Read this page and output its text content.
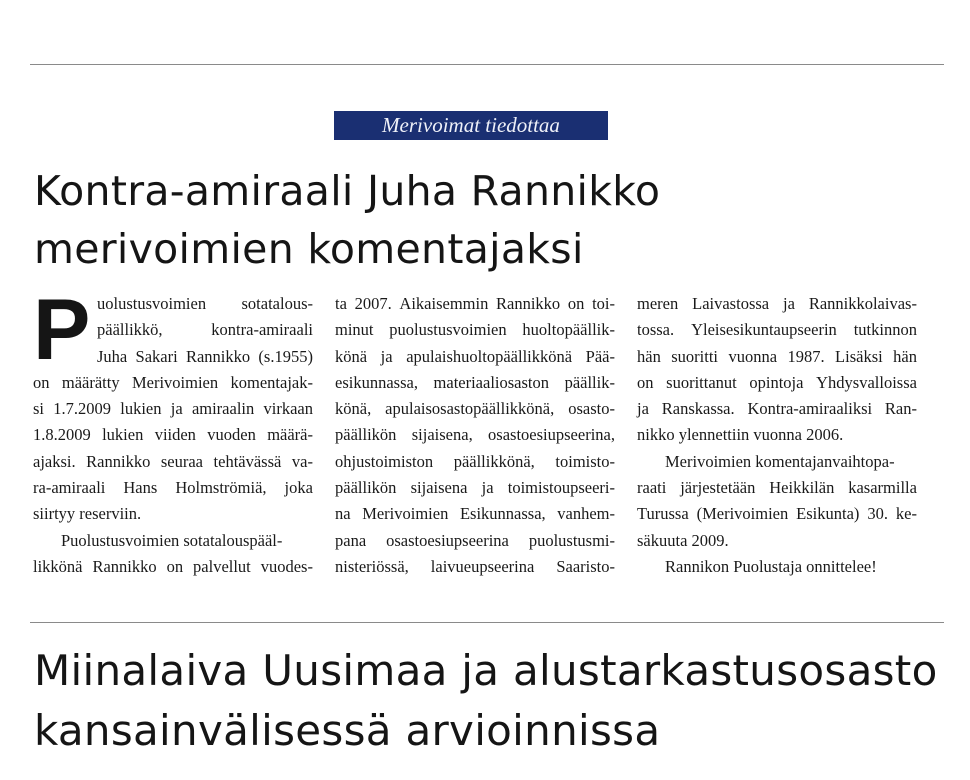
Merivoimat tiedottaa
Kontra-amiraali Juha Rannikko
merivoimien komentajaksi
P uolustusvoimien sotatalous-
päällikkö,	kontra-amiraali
Juha Sakari Rannikko (s.1955)
on määrätty Merivoimien komentajak-
si 1.7.2009 lukien ja amiraalin virkaan
1.8.2009 lukien viiden vuoden määrä-
ajaksi. Rannikko seuraa tehtävässä va-
ra-amiraali Hans Holmströmiä, joka
siirtyy reserviin.
Puolustusvoimien sotatalouspääl-
likkönä Rannikko on palvellut vuodes-
ta 2007. Aikaisemmin Rannikko on toi-
minut puolustusvoimien huoltopäällik-
könä ja apulaishuoltopäällikkönä Pää-
esikunnassa, materiaaliosaston päällik-
könä, apulaisosastopäällikkönä, osasto-
päällikön sijaisena, osastoesiupseerina,
ohjustoimiston päällikkönä, toimisto-
päällikön sijaisena ja toimistoupseeri-
na Merivoimien Esikunnassa, vanhem-
pana osastoesiupseerina puolustusmi-
nisteriössä, laivueupseerina Saaristo-
meren Laivastossa ja Rannikkolaivas-
tossa. Yleisesikuntaupseerin tutkinnon
hän suoritti vuonna 1987. Lisäksi hän
on suorittanut opintoja Yhdysvalloissa
ja Ranskassa. Kontra-amiraaliksi Ran-
nikko ylennettiin vuonna 2006.
Merivoimien komentajanvaihtopa-
raati järjestetään Heikkilän kasarmilla
Turussa (Merivoimien Esikunta) 30. ke-
säkuuta 2009.
Rannikon Puolustaja onnittelee!
Miinalaiva Uusimaa ja alustarkastusosasto
kansainvälisessä arvioinnissa
